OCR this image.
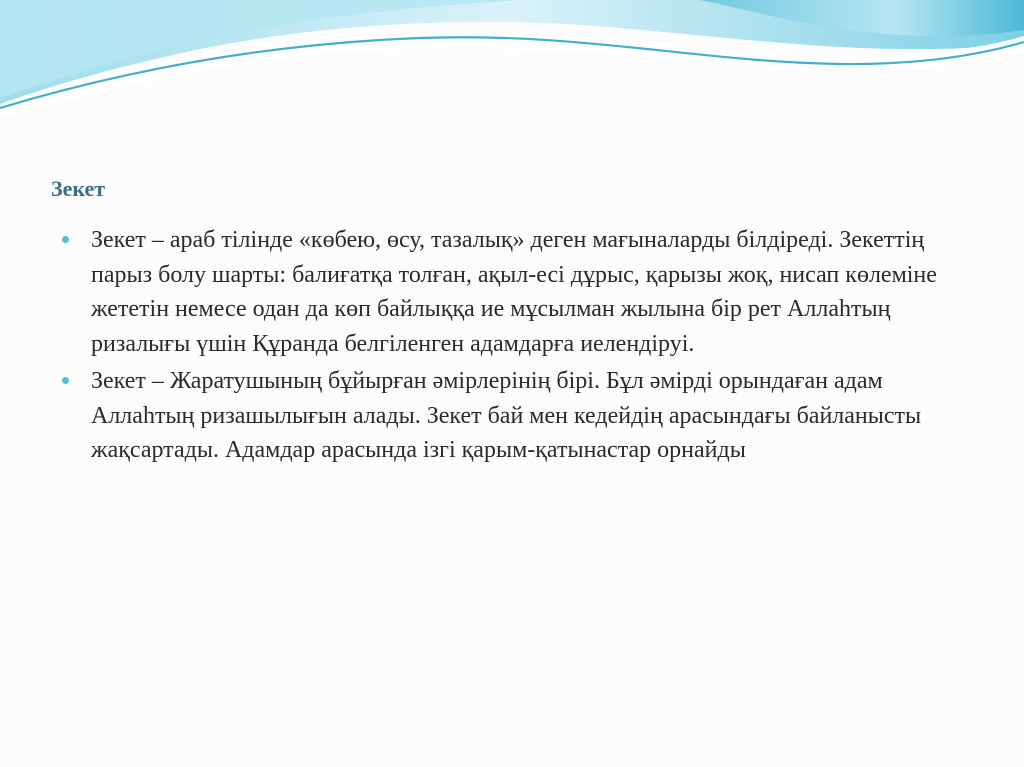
Зекет
Зекет – араб тілінде «көбею, өсу, тазалық» деген мағыналарды білдіреді. Зекеттің парыз болу шарты: балиғатқа толған, ақыл-есі дұрыс, қарызы жоқ, нисап көлеміне жететін немесе одан да көп байлыққа ие мұсылман жылына бір рет Аллаһтың ризалығы үшін Құранда белгіленген адамдарға иелендіруі.
Зекет – Жаратушының бұйырған әмірлерінің бірі. Бұл әмірді орындаған адам Аллаһтың ризашылығын алады. Зекет бай мен кедейдің арасындағы байланысты жақсартады. Адамдар арасында ізгі қарым-қатынастар орнайды
